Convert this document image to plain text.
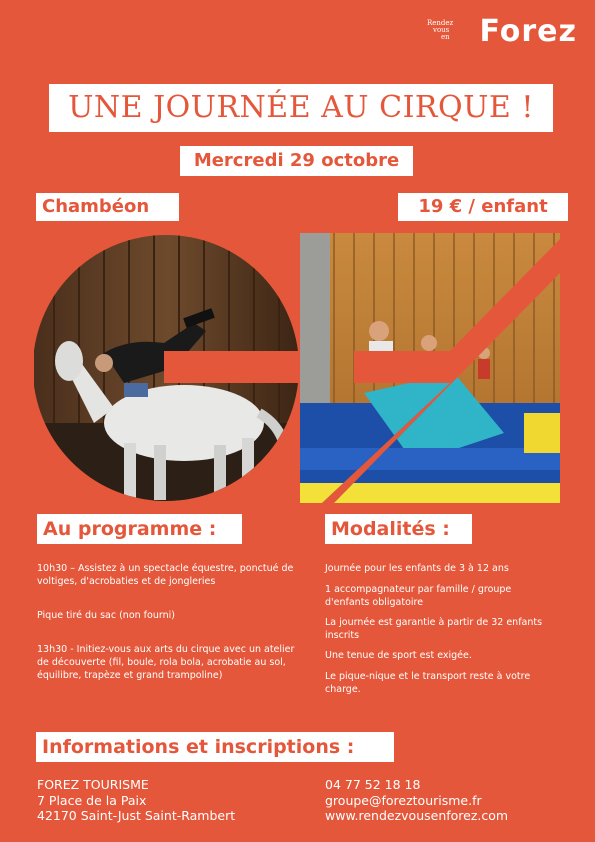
Rendez
vous
en Forez
UNE JOURNÉE AU CIRQUE !
Mercredi 29 octobre
Chambéon	19 € / enfant
Au programme :	Modalités :

10h30 – Assistez à un spectacle équestre, ponctué de voltiges, d'acrobaties et de jongleries

Pique tiré du sac (non fourni)

13h30 - Initiez-vous aux arts du cirque avec un atelier de découverte (fil, boule, rola bola, acrobatie au sol, équilibre, trapèze et grand trampoline)

Journée pour les enfants de 3 à 12 ans
1 accompagnateur par famille / groupe d'enfants obligatoire
La journée est garantie à partir de 32 enfants inscrits
Une tenue de sport est exigée.
Le pique-nique et le transport reste à votre charge.
Informations et inscriptions :
FOREZ TOURISME
7 Place de la Paix
42170 Saint-Just Saint-Rambert
04 77 52 18 18
groupe@foreztourisme.fr
www.rendezvousenforez.com
